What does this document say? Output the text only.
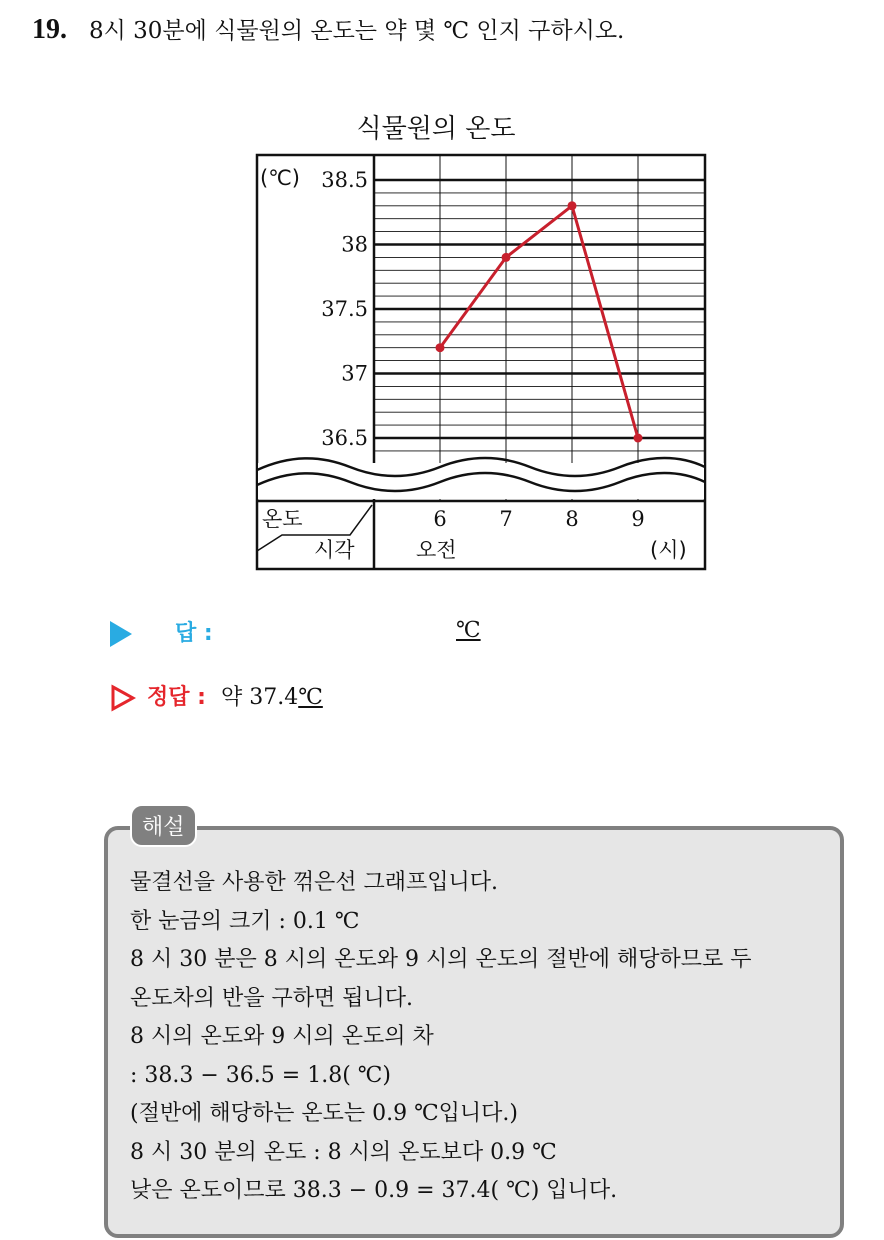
19. 8시 30분에 식물원의 온도는 약 몇 ℃ 인지 구하시오.
식물원의 온도
온도
시각
(℃)
오전	(시)
38.5
38
37.5
37
36.5
6	7	8	9
답 :	℃
정답 : 약 37.4℃
해설
물결선을 사용한 꺾은선 그래프입니다.
한 눈금의 크기 : 0.1 ℃
8 시 30 분은 8 시의 온도와 9 시의 온도의 절반에 해당하므로 두
온도차의 반을 구하면 됩니다.
8 시의 온도와 9 시의 온도의 차
: 38.3 − 36.5 = 1.8( ℃)
(절반에 해당하는 온도는 0.9 ℃입니다.)
8 시 30 분의 온도 : 8 시의 온도보다 0.9 ℃
낮은 온도이므로 38.3 − 0.9 = 37.4( ℃) 입니다.
